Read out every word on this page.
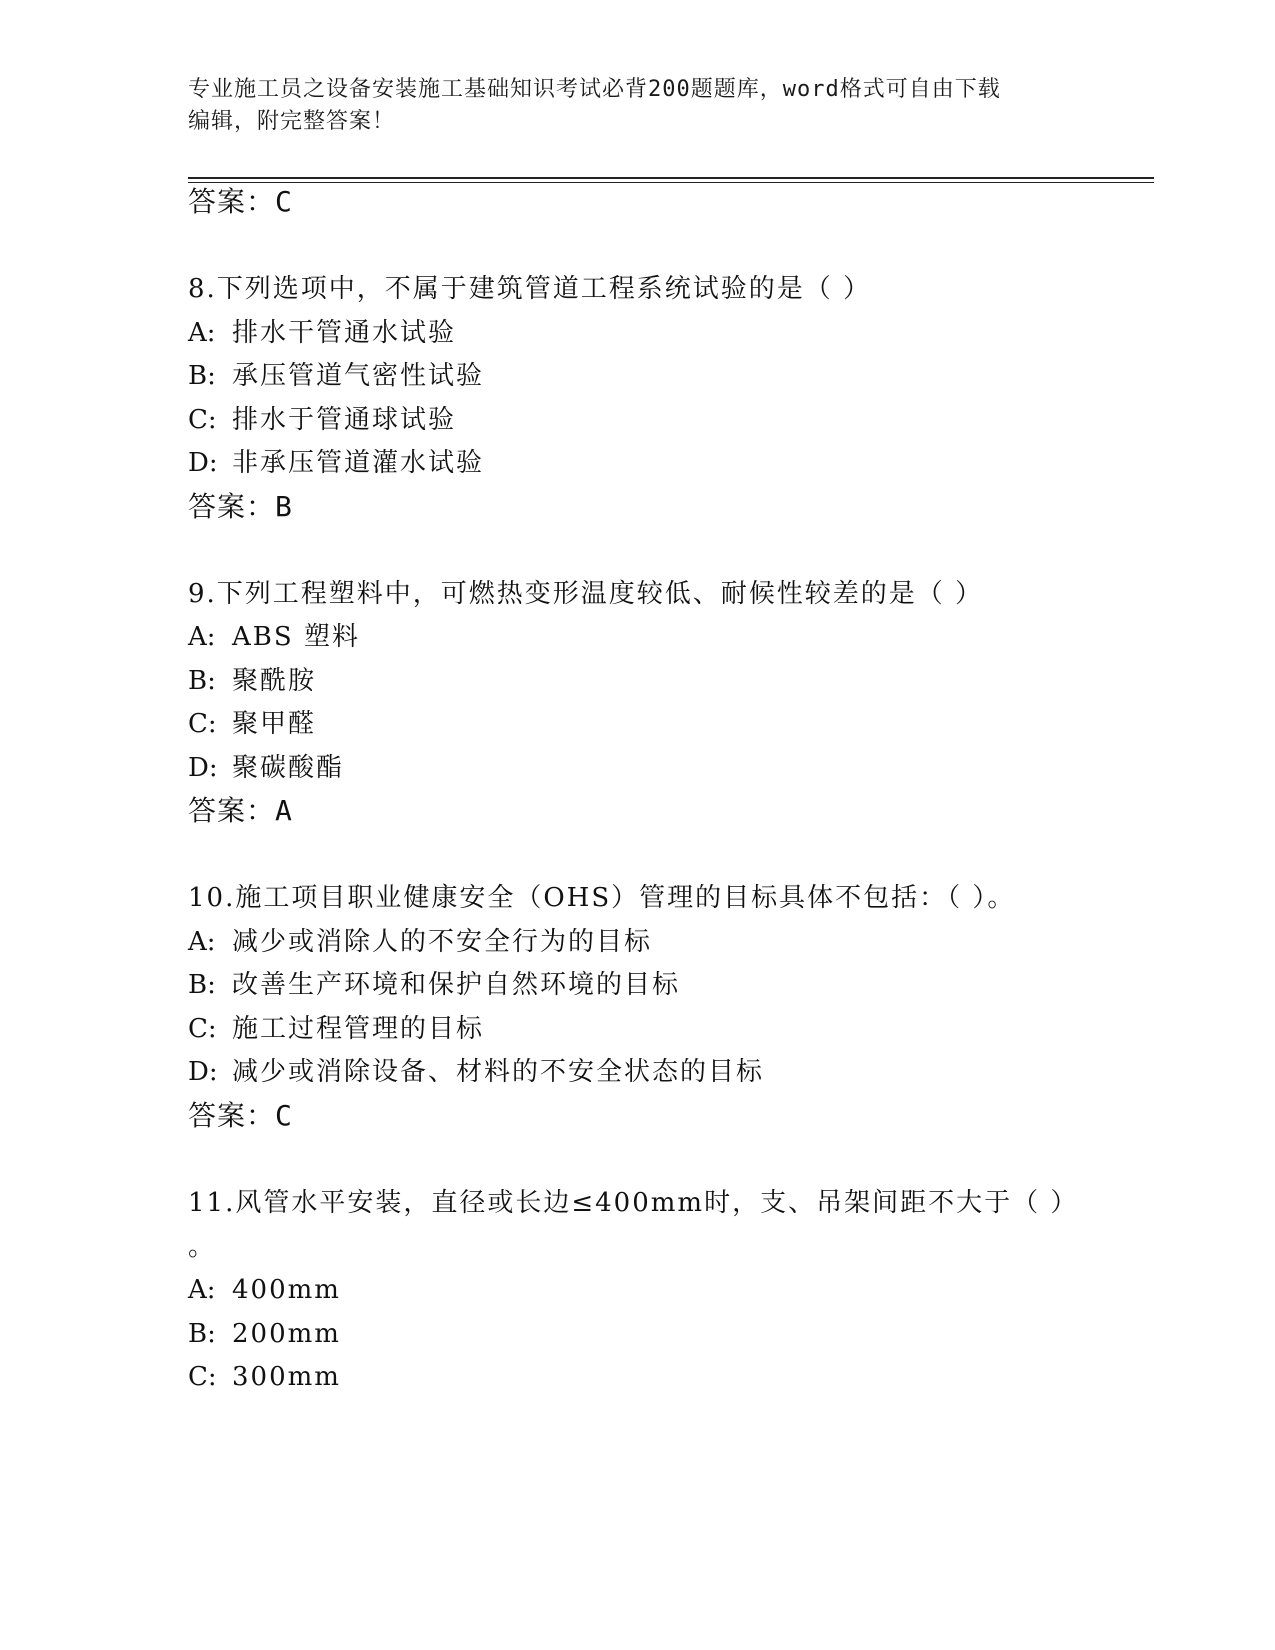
专业施工员之设备安装施工基础知识考试必背200题题库，word格式可自由下载
编辑，附完整答案！
答案：C
8.下列选项中，不属于建筑管道工程系统试验的是（ ）
A: 排水干管通水试验
B: 承压管道气密性试验
C: 排水于管通球试验
D: 非承压管道灌水试验
答案：B
9.下列工程塑料中，可燃热变形温度较低、耐候性较差的是（ ）
A: ABS 塑料
B: 聚酰胺
C: 聚甲醛
D: 聚碳酸酯
答案：A
10.施工项目职业健康安全（OHS）管理的目标具体不包括：（ ）。
A: 减少或消除人的不安全行为的目标
B: 改善生产环境和保护自然环境的目标
C: 施工过程管理的目标
D: 减少或消除设备、材料的不安全状态的目标
答案：C
11.风管水平安装，直径或长边≤400mm时，支、吊架间距不大于（ ）
。
A: 400mm
B: 200mm
C: 300mm
